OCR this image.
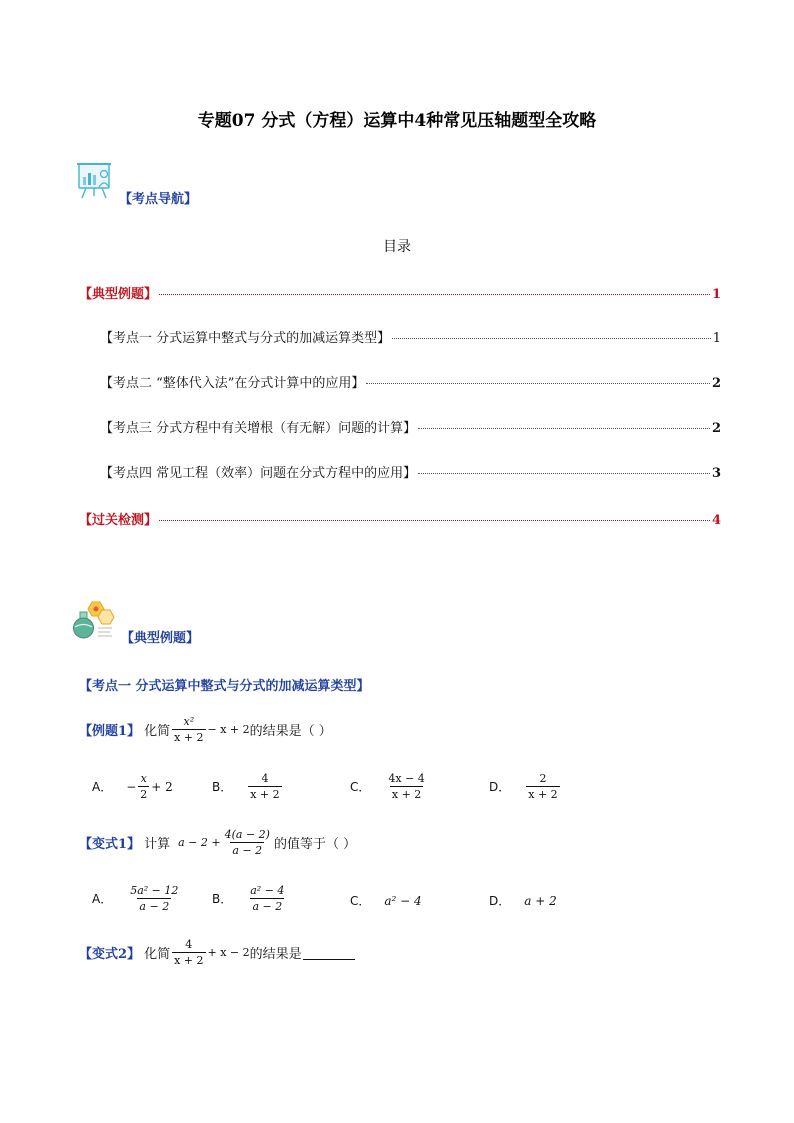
专题07 分式（方程）运算中4种常见压轴题型全攻略
【考点导航】
目录
【典型例题】	1
【考点一 分式运算中整式与分式的加减运算类型】	1
【考点二 “整体代入法”在分式计算中的应用】	2
【考点三 分式方程中有关增根（有无解）问题的计算】	2
【考点四 常见工程（效率）问题在分式方程中的应用】	3
【过关检测】	4
【典型例题】
【考点一 分式运算中整式与分式的加减运算类型】
【例题1】 化简 $\frac{\text{x²}}{x + 2} - x + 2$ 的结果是（ ）
A． − $\frac{x}{2} + 2$	B． $\frac{4}{x + 2}$	C． $\frac{4x - 4}{x + 2}$	D． $\frac{2}{x + 2}$
【变式1】 计算 $a - 2 + \frac{4(a - 2)}{a - 2}$ 的值等于（ ）
A． $\frac{\text{5a² − 12}}{a - 2}$	B． $\frac{\text{a² − 4}}{a - 2}$	C． a² − 4	D． a + 2
【变式2】 化简 $\frac{4}{x + 2} + x - 2$ 的结果是
